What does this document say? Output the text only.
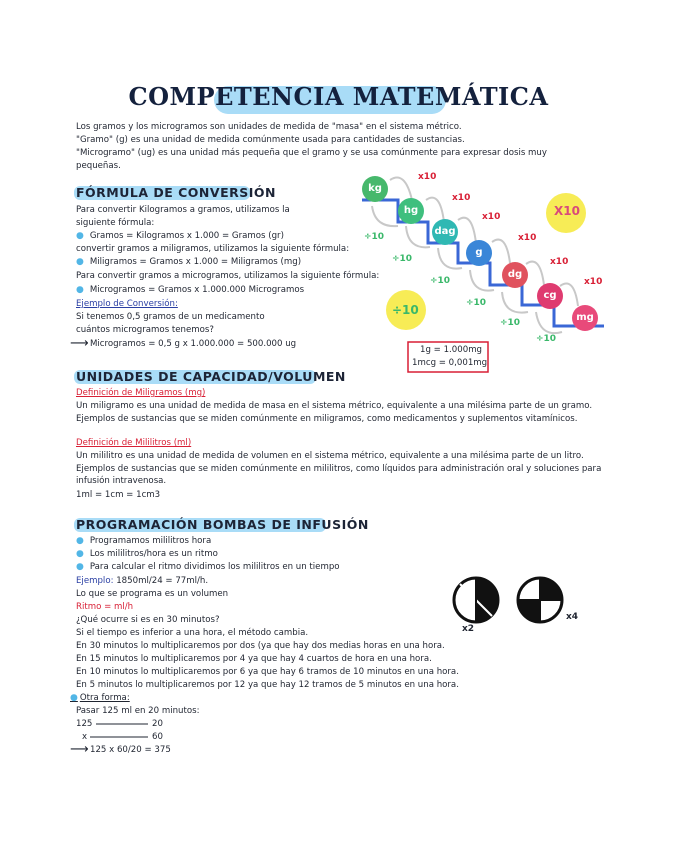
COMPETENCIA MATEMÁTICA
Los gramos y los microgramos son unidades de medida de "masa" en el sistema métrico.
"Gramo" (g) es una unidad de medida comúnmente usada para cantidades de sustancias.
"Microgramo" (ug) es una unidad más pequeña que el gramo y se usa comúnmente para expresar dosis muy
pequeñas.
FÓRMULA DE CONVERSIÓN
Para convertir Kilogramos a gramos, utilizamos la
siguiente fórmula:
● Gramos = Kilogramos x 1.000 = Gramos (gr)
convertir gramos a miligramos, utilizamos la siguiente fórmula:
● Miligramos = Gramos x 1.000 = Miligramos (mg)
Para convertir gramos a microgramos, utilizamos la siguiente fórmula:
● Microgramos = Gramos x 1.000.000 Microgramos
Ejemplo de Conversión:
Si tenemos 0,5 gramos de un medicamento
cuántos microgramos tenemos?
⟶ Microgramos = 0,5 g x 1.000.000 = 500.000 ug
kg
hg
dag
g
dg
cg
mg
x10
x10
x10
x10
x10
x10
÷10
÷10
÷10
÷10
÷10
÷10
X10
÷10
1g = 1.000mg
1mcg = 0,001mg
UNIDADES DE CAPACIDAD/VOLUMEN
Definición de Miligramos (mg)
Un miligramo es una unidad de medida de masa en el sistema métrico, equivalente a una milésima parte de un gramo. Ejemplos de sustancias que se miden comúnmente en miligramos, como medicamentos y suplementos vitamínicos.
Definición de Mililitros (ml)
Un mililitro es una unidad de medida de volumen en el sistema métrico, equivalente a una milésima parte de un litro. Ejemplos de sustancias que se miden comúnmente en mililitros, como líquidos para administración oral y soluciones para infusión intravenosa.
1ml = 1cm = 1cm3
PROGRAMACIÓN BOMBAS DE INFUSIÓN
● Programamos mililitros hora
● Los mililitros/hora es un ritmo
● Para calcular el ritmo dividimos los mililitros en un tiempo
Ejemplo: 1850ml/24 = 77ml/h.
Lo que se programa es un volumen
Ritmo = ml/h
¿Qué ocurre si es en 30 minutos?
Si el tiempo es inferior a una hora, el método cambia.
En 30 minutos lo multiplicaremos por dos (ya que hay dos medias horas en una hora.
En 15 minutos lo multiplicaremos por 4 ya que hay 4 cuartos de hora en una hora.
En 10 minutos lo multiplicaremos por 6 ya que hay 6 tramos de 10 minutos en una hora.
En 5 minutos lo multiplicaremos por 12 ya que hay 12 tramos de 5 minutos en una hora.
● Otra forma:
Pasar 125 ml en 20 minutos:
125	20
x	60
⟶ 125 x 60/20 = 375
x2
x4
